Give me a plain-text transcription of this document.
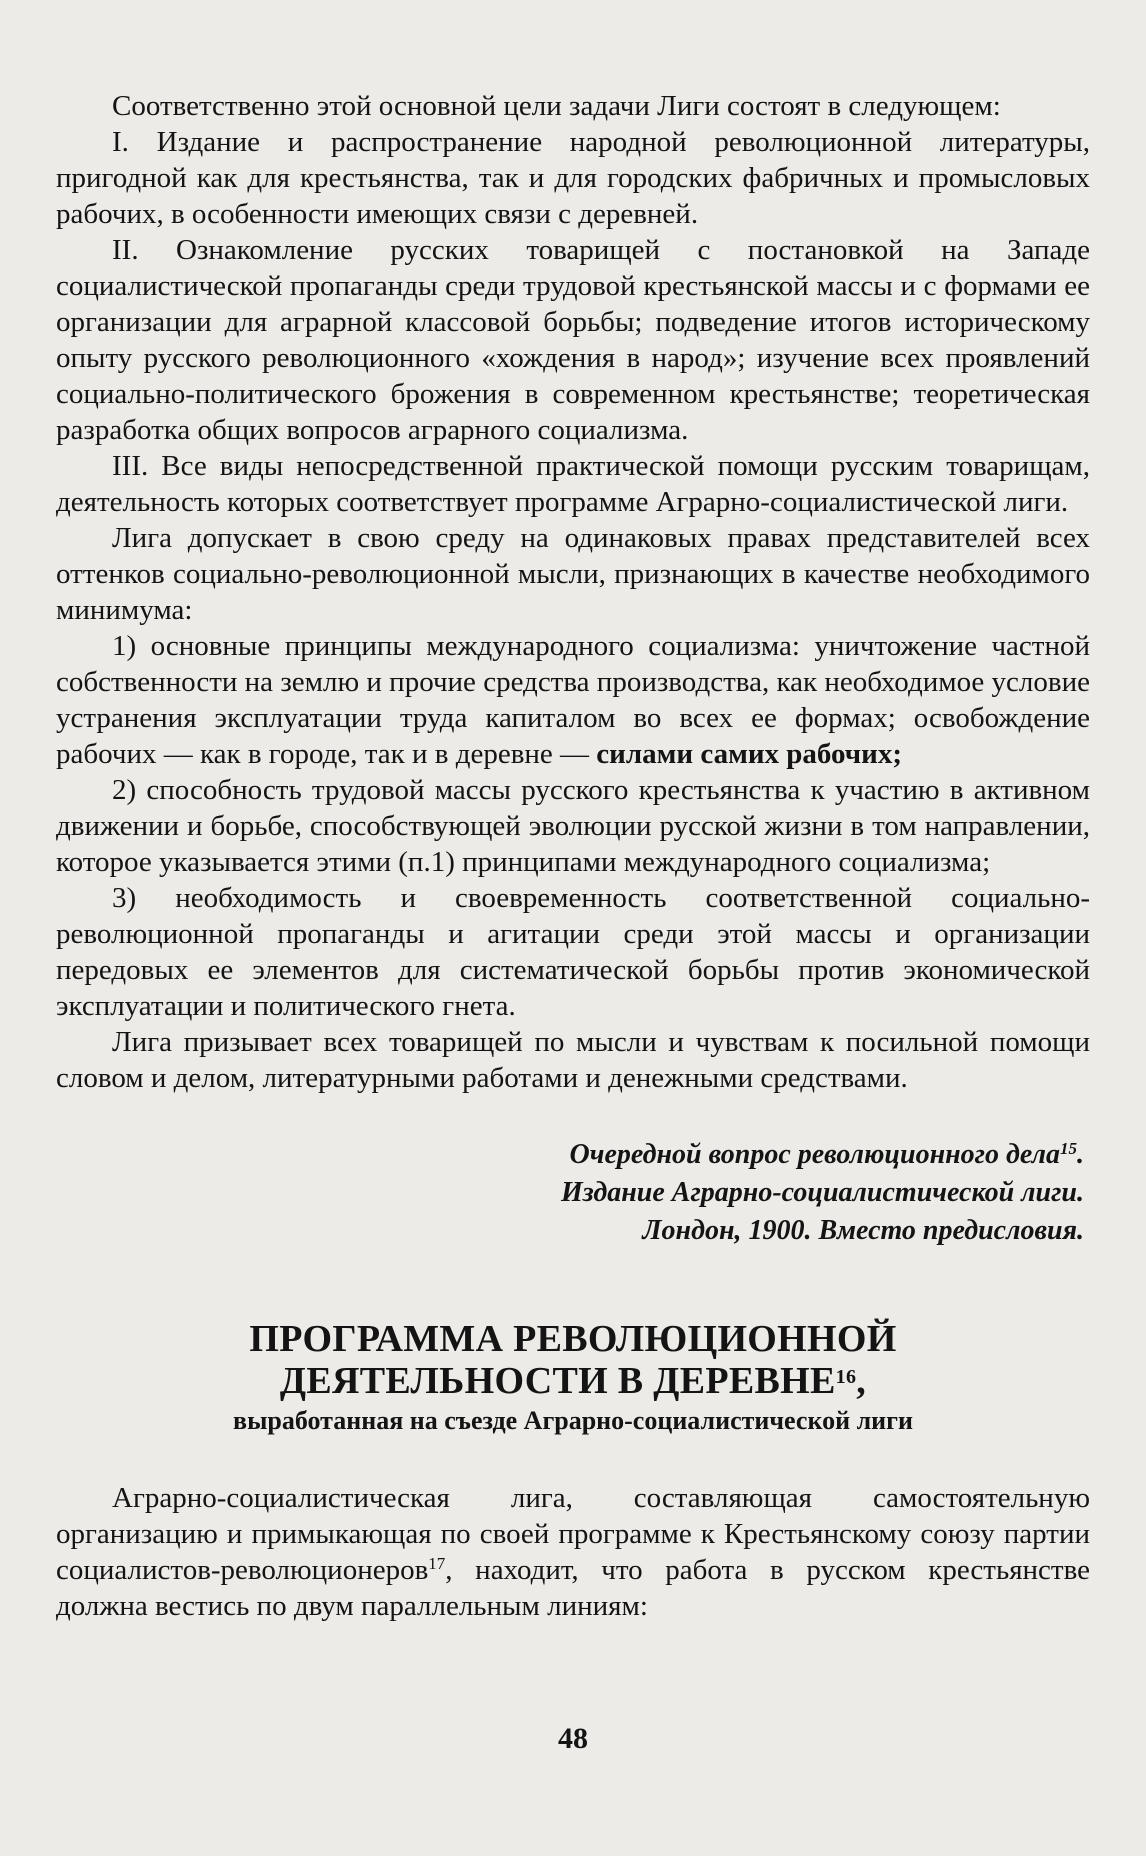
Соответственно этой основной цели задачи Лиги состоят в следующем:

I. Издание и распространение народной революционной литературы, пригодной как для крестьянства, так и для городских фабричных и промысловых рабочих, в особенности имеющих связи с деревней.

II. Ознакомление русских товарищей с постановкой на Западе социалистической пропаганды среди трудовой крестьянской массы и с формами ее организации для аграрной классовой борьбы; подведение итогов историческому опыту русского революционного «хождения в народ»; изучение всех проявлений социально-политического брожения в современном крестьянстве; теоретическая разработка общих вопросов аграрного социализма.

III. Все виды непосредственной практической помощи русским товарищам, деятельность которых соответствует программе Аграрно-социалистической лиги.

Лига допускает в свою среду на одинаковых правах представителей всех оттенков социально-революционной мысли, признающих в качестве необходимого минимума:

1) основные принципы международного социализма: уничтожение частной собственности на землю и прочие средства производства, как необходимое условие устранения эксплуатации труда капиталом во всех ее формах; освобождение рабочих — как в городе, так и в деревне — силами самих рабочих;

2) способность трудовой массы русского крестьянства к участию в активном движении и борьбе, способствующей эволюции русской жизни в том направлении, которое указывается этими (п.1) принципами международного социализма;

3) необходимость и своевременность соответственной социально-революционной пропаганды и агитации среди этой массы и организации передовых ее элементов для систематической борьбы против экономической эксплуатации и политического гнета.

Лига призывает всех товарищей по мысли и чувствам к посильной помощи словом и делом, литературными работами и денежными средствами.

Очередной вопрос революционного дела$^{15}$.
Издание Аграрно-социалистической лиги.
Лондон, 1900. Вместо предисловия.
ПРОГРАММА РЕВОЛЮЦИОННОЙ
ДЕЯТЕЛЬНОСТИ В ДЕРЕВНЕ$^{16}$,
выработанная на съезде Аграрно-социалистической лиги

Аграрно-социалистическая лига, составляющая самостоятельную организацию и примыкающая по своей программе к Крестьянскому союзу партии социалистов-революционеров$^{17}$, находит, что работа в русском крестьянстве должна вестись по двум параллельным линиям:

48
